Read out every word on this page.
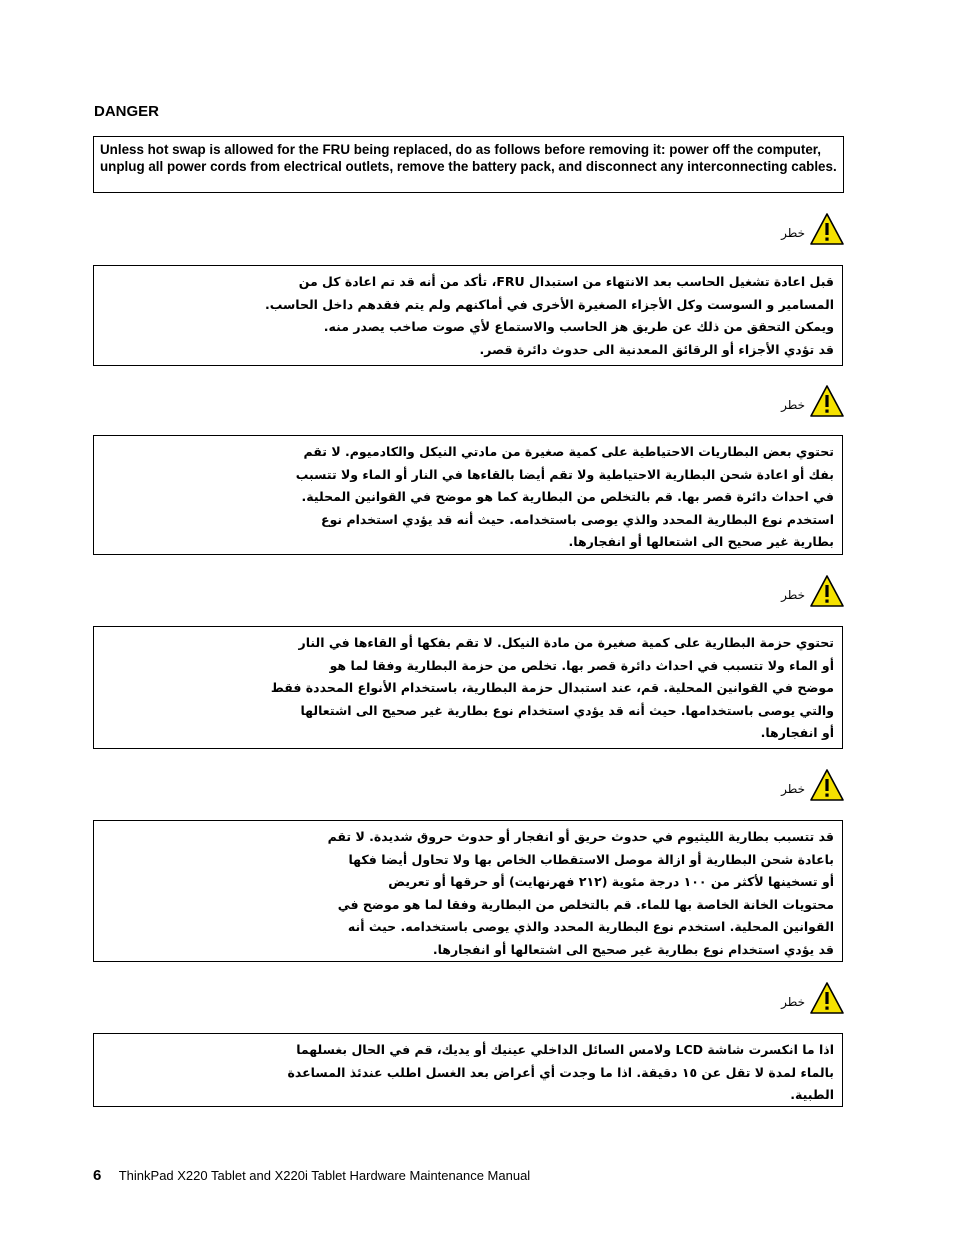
DANGER

Unless hot swap is allowed for the FRU being replaced, do as follows before removing it: power off the computer, unplug all power cords from electrical outlets, remove the battery pack, and disconnect any interconnecting cables.

خطر
قبل اعادة تشغيل الحاسب بعد الانتهاء من استبدال FRU، تأكد من أنه قد تم اعادة كل من
المسامير و السوست وكل الأجزاء الصغيرة الأخرى في أماكنهم ولم يتم فقدهم داخل الحاسب.
ويمكن التحقق من ذلك عن طريق هز الحاسب والاستماع لأي صوت صاخب يصدر منه.
قد تؤدي الأجزاء أو الرقائق المعدنية الى حدوث دائرة قصر.
خطر
تحتوي بعض البطاريات الاحتياطية على كمية صغيرة من مادتي النيكل والكادميوم. لا تقم
بفك أو اعادة شحن البطارية الاحتياطية ولا تقم أيضا بالقاءها في النار أو الماء ولا تتسبب
في احداث دائرة قصر بها. قم بالتخلص من البطارية كما هو موضح في القوانين المحلية.
استخدم نوع البطارية المحدد والذي يوصى باستخدامه. حيث أنه قد يؤدي استخدام نوع
بطارية غير صحيح الى اشتعالها أو انفجارها.
خطر
تحتوي حزمة البطارية على كمية صغيرة من مادة النيكل. لا تقم بفكها أو القاءها في النار
أو الماء ولا تتسبب في احداث دائرة قصر بها. تخلص من حزمة البطارية وفقا لما هو
موضح في القوانين المحلية. قم، عند استبدال حزمة البطارية، باستخدام الأنواع المحددة فقط
والتي يوصى باستخدامها. حيث أنه قد يؤدي استخدام نوع بطارية غير صحيح الى اشتعالها
أو انفجارها.
خطر
قد تتسبب بطارية الليثيوم في حدوث حريق أو انفجار أو حدوث حروق شديدة. لا تقم
باعادة شحن البطارية أو ازالة موصل الاستقطاب الخاص بها ولا تحاول أيضا فكها
أو تسخينها لأكثر من ١٠٠ درجة مئوية (٢١٢ فهرنهايت) أو حرقها أو تعريض
محتويات الخانة الخاصة بها للماء. قم بالتخلص من البطارية وفقا لما هو موضح في
القوانين المحلية. استخدم نوع البطارية المحدد والذي يوصى باستخدامه. حيث أنه
قد يؤدي استخدام نوع بطارية غير صحيح الى اشتعالها أو انفجارها.
خطر
اذا ما انكسرت شاشة LCD ولامس السائل الداخلي عينيك أو يديك، قم في الحال بغسلهما
بالماء لمدة لا تقل عن ١٥ دقيقة. اذا ما وجدت أي أعراض بعد الغسل اطلب عندئذ المساعدة
الطبية.
6 ThinkPad X220 Tablet and X220i Tablet Hardware Maintenance Manual
